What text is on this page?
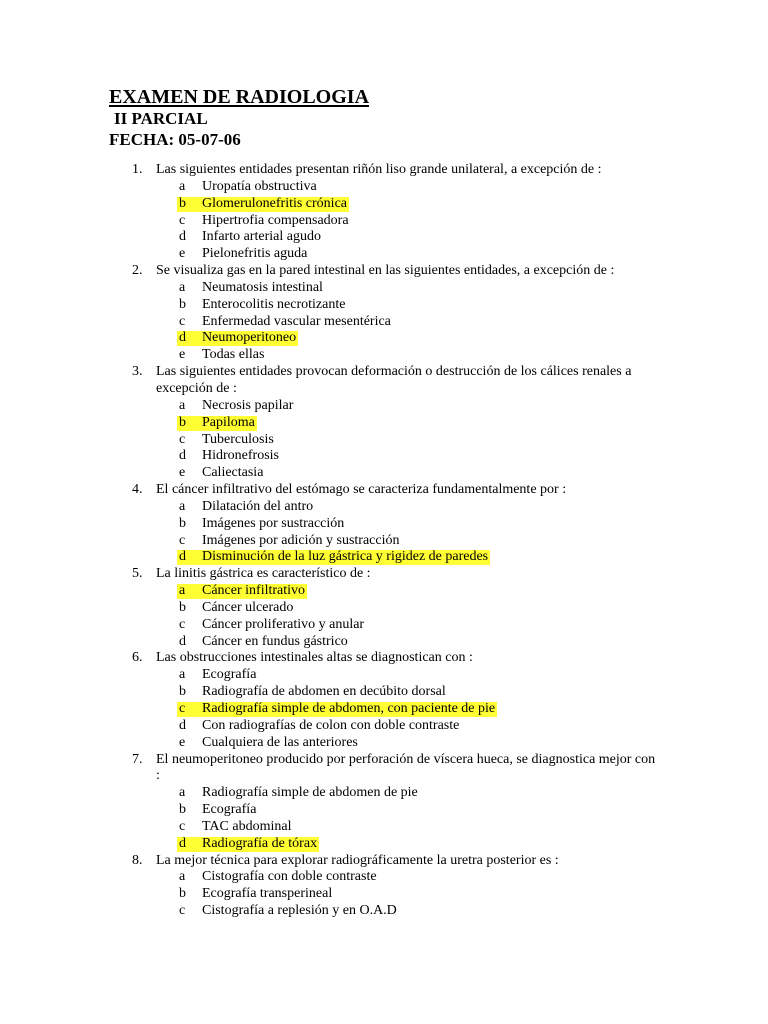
EXAMEN DE RADIOLOGIA
II PARCIAL
FECHA: 05-07-06
1. Las siguientes entidades presentan riñón liso grande unilateral, a excepción de :
a Uropatía obstructiva
b Glomerulonefritis crónica
c Hipertrofia compensadora
d Infarto arterial agudo
e Pielonefritis aguda
2. Se visualiza gas en la pared intestinal en las siguientes entidades, a excepción de :
a Neumatosis intestinal
b Enterocolitis necrotizante
c Enfermedad vascular mesentérica
d Neumoperitoneo
e Todas ellas
3. Las siguientes entidades provocan deformación o destrucción de los cálices renales a excepción de :
a Necrosis papilar
b Papiloma
c Tuberculosis
d Hidronefrosis
e Caliectasia
4. El cáncer infiltrativo del estómago se caracteriza fundamentalmente por :
a Dilatación del antro
b Imágenes por sustracción
c Imágenes por adición y sustracción
d Disminución de la luz gástrica y rigidez de paredes
5. La linitis gástrica es característico de :
a Cáncer infiltrativo
b Cáncer ulcerado
c Cáncer proliferativo y anular
d Cáncer en fundus gástrico
6. Las obstrucciones intestinales altas se diagnostican con :
a Ecografía
b Radiografía de abdomen en decúbito dorsal
c Radiografía simple de abdomen, con paciente de pie
d Con radiografías de colon con doble contraste
e Cualquiera de las anteriores
7. El neumoperitoneo producido por perforación de víscera hueca, se diagnostica mejor con :
a Radiografía simple de abdomen de pie
b Ecografía
c TAC abdominal
d Radiografía de tórax
8. La mejor técnica para explorar radiográficamente la uretra posterior es :
a Cistografía con doble contraste
b Ecografía transperineal
c Cistografía a replesión y en O.A.D
